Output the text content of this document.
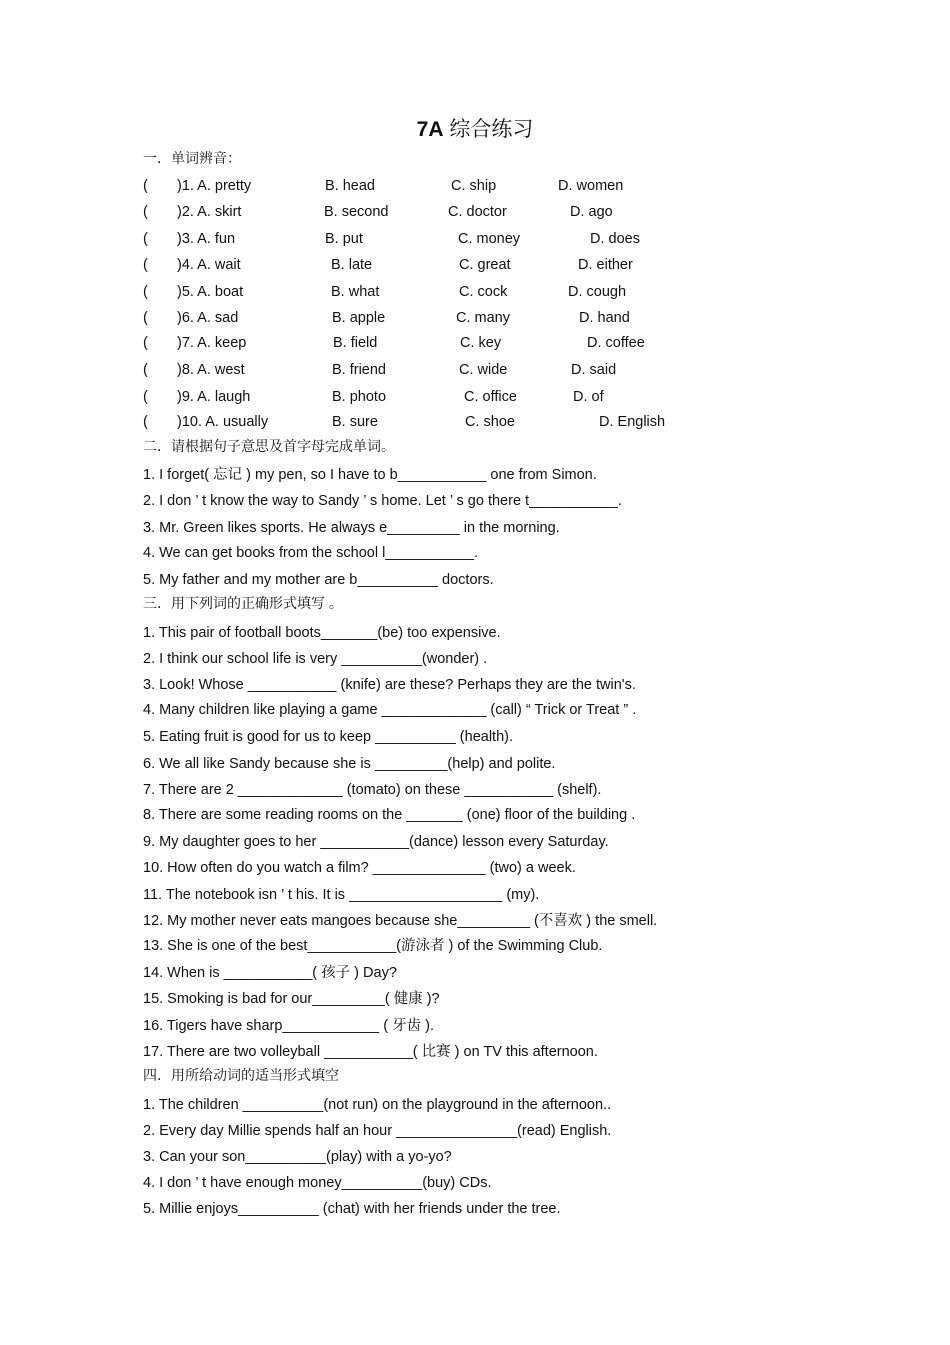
7A 综合练习
一．单词辨音：
( )1. A. pretty	B. head	C. ship	D. women
( )2. A. skirt	B. second	C. doctor	D. ago
( )3. A. fun	B. put	C. money	D. does
( )4. A. wait	B. late	C. great	D. either
( )5. A. boat	B. what	C. cock	D. cough
( )6. A. sad	B. apple	C. many	D. hand
( )7. A. keep	B. field	C. key	D. coffee
( )8. A. west	B. friend	C. wide	D. said
( )9. A. laugh	B. photo	C. office	D. of
( )10. A. usually	B. sure	C. shoe	D. English
二．请根据句子意思及首字母完成单词。
1. I forget( 忘记 ) my pen, so I have to b___________ one from Simon.
2. I don ’ t know the way to Sandy ’ s home. Let ’ s go there t___________.
3. Mr. Green likes sports. He always e_________ in the morning.
4. We can get books from the school l___________.
5. My father and my mother are b__________ doctors.
三．用下列词的正确形式填写 。
1. This pair of football boots_______(be) too expensive.
2. I think our school life is very __________(wonder) .
3. Look! Whose ___________ (knife) are these? Perhaps they are the twin's.
4. Many children like playing a game _____________ (call) “ Trick or Treat ” .
5. Eating fruit is good for us to keep __________ (health).
6. We all like Sandy because she is _________(help) and polite.
7. There are 2 _____________ (tomato) on these ___________ (shelf).
8. There are some reading rooms on the _______ (one) floor of the building .
9. My daughter goes to her ___________(dance) lesson every Saturday.
10. How often do you watch a film? ______________ (two) a week.
11. The notebook isn ’ t his. It is ___________________ (my).
12. My mother never eats mangoes because she_________ (不喜欢 ) the smell.
13. She is one of the best___________(游泳者 ) of the Swimming Club.
14. When is ___________( 孩子 ) Day?
15. Smoking is bad for our_________( 健康 )?
16. Tigers have sharp____________ ( 牙齿 ).
17. There are two volleyball ___________( 比赛 ) on TV this afternoon.
四．用所给动词的适当形式填空
1. The children __________(not run) on the playground in the afternoon..
2. Every day Millie spends half an hour _______________(read) English.
3. Can your son__________(play) with a yo-yo?
4. I don ’ t have enough money__________(buy) CDs.
5. Millie enjoys__________ (chat) with her friends under the tree.
